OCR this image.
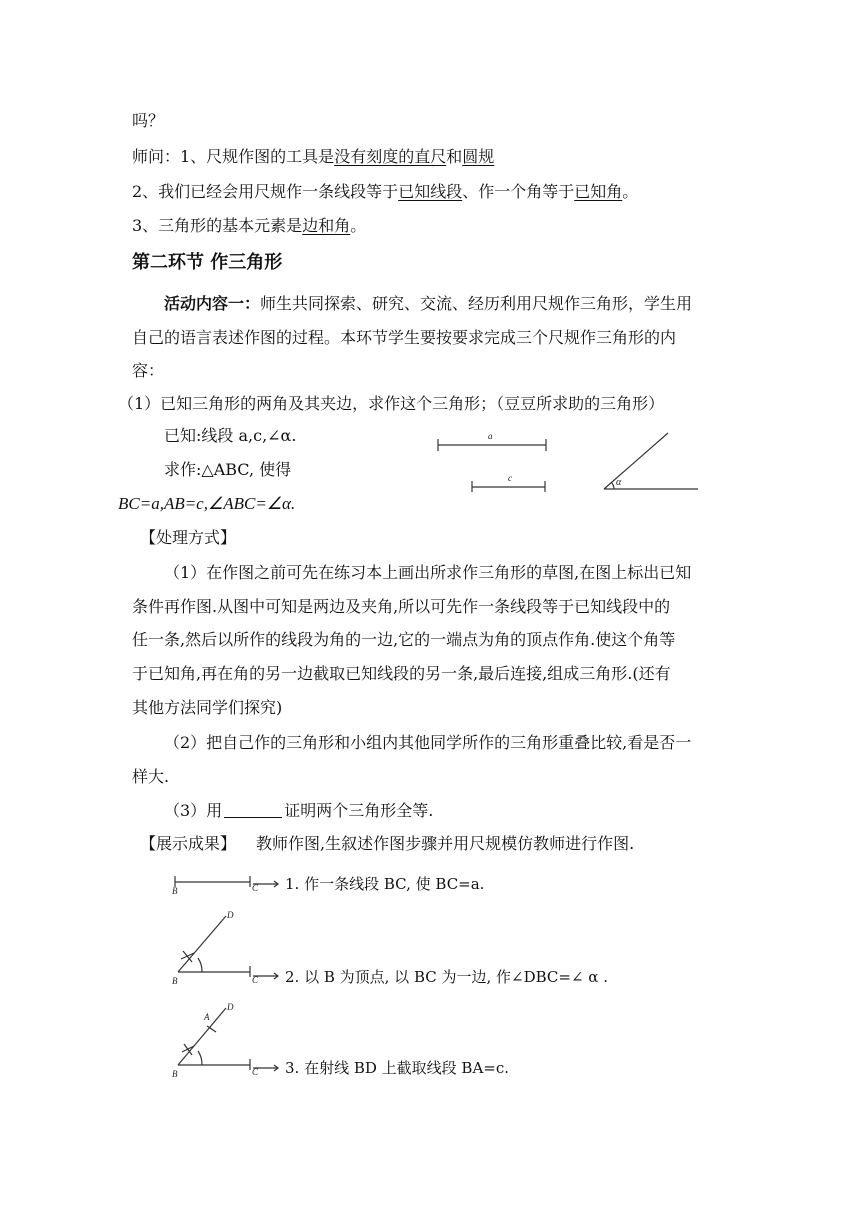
吗？
师问：1、尺规作图的工具是没有刻度的直尺和圆规
2、我们已经会用尺规作一条线段等于已知线段、作一个角等于已知角。
3、三角形的基本元素是边和角。
第二环节 作三角形
活动内容一：师生共同探索、研究、交流、经历利用尺规作三角形，学生用
自己的语言表述作图的过程。本环节学生要按要求完成三个尺规作三角形的内
容：
（1）已知三角形的两角及其夹边，求作这个三角形；（豆豆所求助的三角形）
已知:线段 a,c,∠α.
求作:△ABC, 使得
BC=a,AB=c,∠ABC=∠α.
a
c	α
【处理方式】
（1）在作图之前可先在练习本上画出所求作三角形的草图,在图上标出已知
条件再作图.从图中可知是两边及夹角,所以可先作一条线段等于已知线段中的
任一条,然后以所作的线段为角的一边,它的一端点为角的顶点作角.使这个角等
于已知角,再在角的另一边截取已知线段的另一条,最后连接,组成三角形.(还有
其他方法同学们探究)
（2）把自己作的三角形和小组内其他同学所作的三角形重叠比较,看是否一
样大.
（3）用	证明两个三角形全等.
【展示成果】 教师作图,生叙述作图步骤并用尺规模仿教师进行作图.
B	C 1. 作一条线段 BC, 使 BC=a.
B	C
D
2. 以 B 为顶点, 以 BC 为一边, 作∠DBC=∠ α .
B	C
D
A
3. 在射线 BD 上截取线段 BA=c.
